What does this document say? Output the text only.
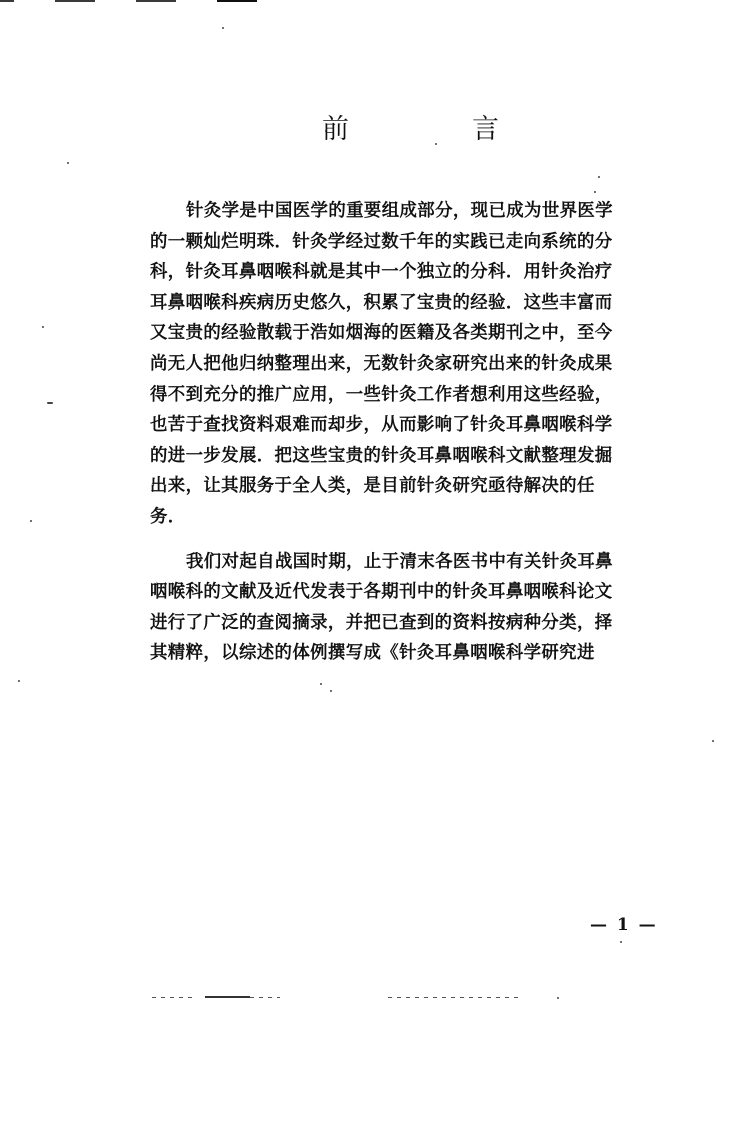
前	言
针灸学是中国医学的重要组成部分，现已成为世界医学
的一颗灿烂明珠．针灸学经过数千年的实践已走向系统的分
科，针灸耳鼻咽喉科就是其中一个独立的分科．用针灸治疗
耳鼻咽喉科疾病历史悠久，积累了宝贵的经验．这些丰富而
又宝贵的经验散载于浩如烟海的医籍及各类期刊之中，至今
尚无人把他归纳整理出来，无数针灸家研究出来的针灸成果
得不到充分的推广应用，一些针灸工作者想利用这些经验，
也苦于查找资料艰难而却步，从而影响了针灸耳鼻咽喉科学
的进一步发展．把这些宝贵的针灸耳鼻咽喉科文献整理发掘
出来，让其服务于全人类，是目前针灸研究亟待解决的任
务．
我们对起自战国时期，止于清末各医书中有关针灸耳鼻
咽喉科的文献及近代发表于各期刊中的针灸耳鼻咽喉科论文
进行了广泛的查阅摘录，并把已查到的资料按病种分类，择
其精粹，以综述的体例撰写成《针灸耳鼻咽喉科学研究进
— 1 —
